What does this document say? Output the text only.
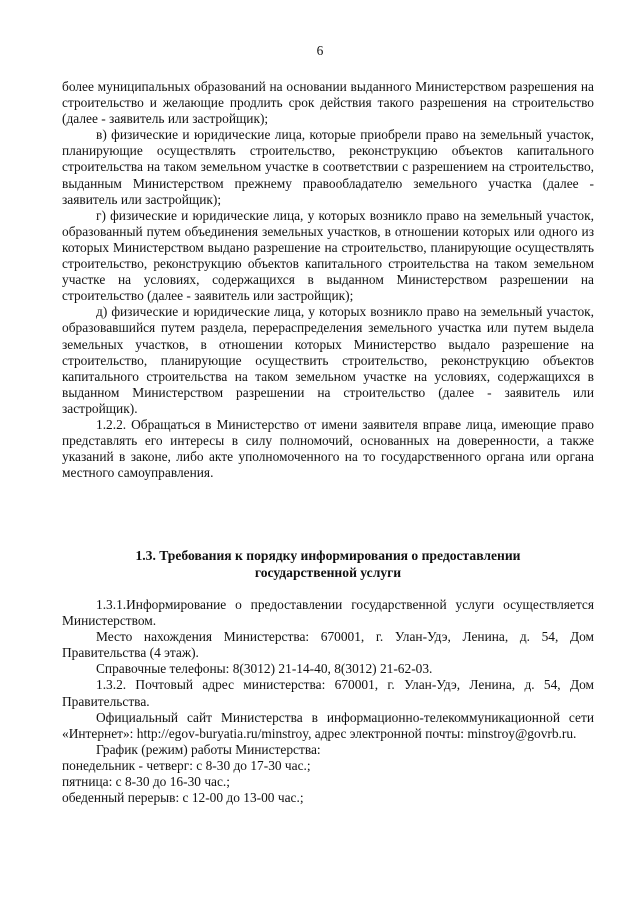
6

более муниципальных образований на основании выданного Министерством разрешения на строительство и желающие продлить срок действия такого разрешения на строительство (далее - заявитель или застройщик);

в) физические и юридические лица, которые приобрели право на земельный участок, планирующие осуществлять строительство, реконструкцию объектов капитального строительства на таком земельном участке в соответствии с разрешением на строительство, выданным Министерством прежнему правообладателю земельного участка (далее - заявитель или застройщик);

г) физические и юридические лица, у которых возникло право на земельный участок, образованный путем объединения земельных участков, в отношении которых или одного из которых Министерством выдано разрешение на строительство, планирующие осуществлять строительство, реконструкцию объектов капитального строительства на таком земельном участке на условиях, содержащихся в выданном Министерством разрешении на строительство (далее - заявитель или застройщик);

д) физические и юридические лица, у которых возникло право на земельный участок, образовавшийся путем раздела, перераспределения земельного участка или путем выдела земельных участков, в отношении которых Министерство выдало разрешение на строительство, планирующие осуществить строительство, реконструкцию объектов капитального строительства на таком земельном участке на условиях, содержащихся в выданном Министерством разрешении на строительство (далее - заявитель или застройщик).

1.2.2. Обращаться в Министерство от имени заявителя вправе лица, имеющие право представлять его интересы в силу полномочий, основанных на доверенности, а также указаний в законе, либо акте уполномоченного на то государственного органа или органа местного самоуправления.

1.3. Требования к порядку информирования о предоставлении
государственной услуги

1.3.1.Информирование о предоставлении государственной услуги осуществляется Министерством.

Место нахождения Министерства: 670001, г. Улан-Удэ, Ленина, д. 54, Дом Правительства (4 этаж).

Справочные телефоны: 8(3012) 21-14-40, 8(3012) 21-62-03.

1.3.2. Почтовый адрес министерства: 670001, г. Улан-Удэ, Ленина, д. 54, Дом Правительства.

Официальный сайт Министерства в информационно-телекоммуникационной сети «Интернет»: http://egov-buryatia.ru/minstroy, адрес электронной почты: minstroy@govrb.ru.

График (режим) работы Министерства:

понедельник - четверг: с 8-30 до 17-30 час.;

пятница: с 8-30 до 16-30 час.;

обеденный перерыв: с 12-00 до 13-00 час.;
